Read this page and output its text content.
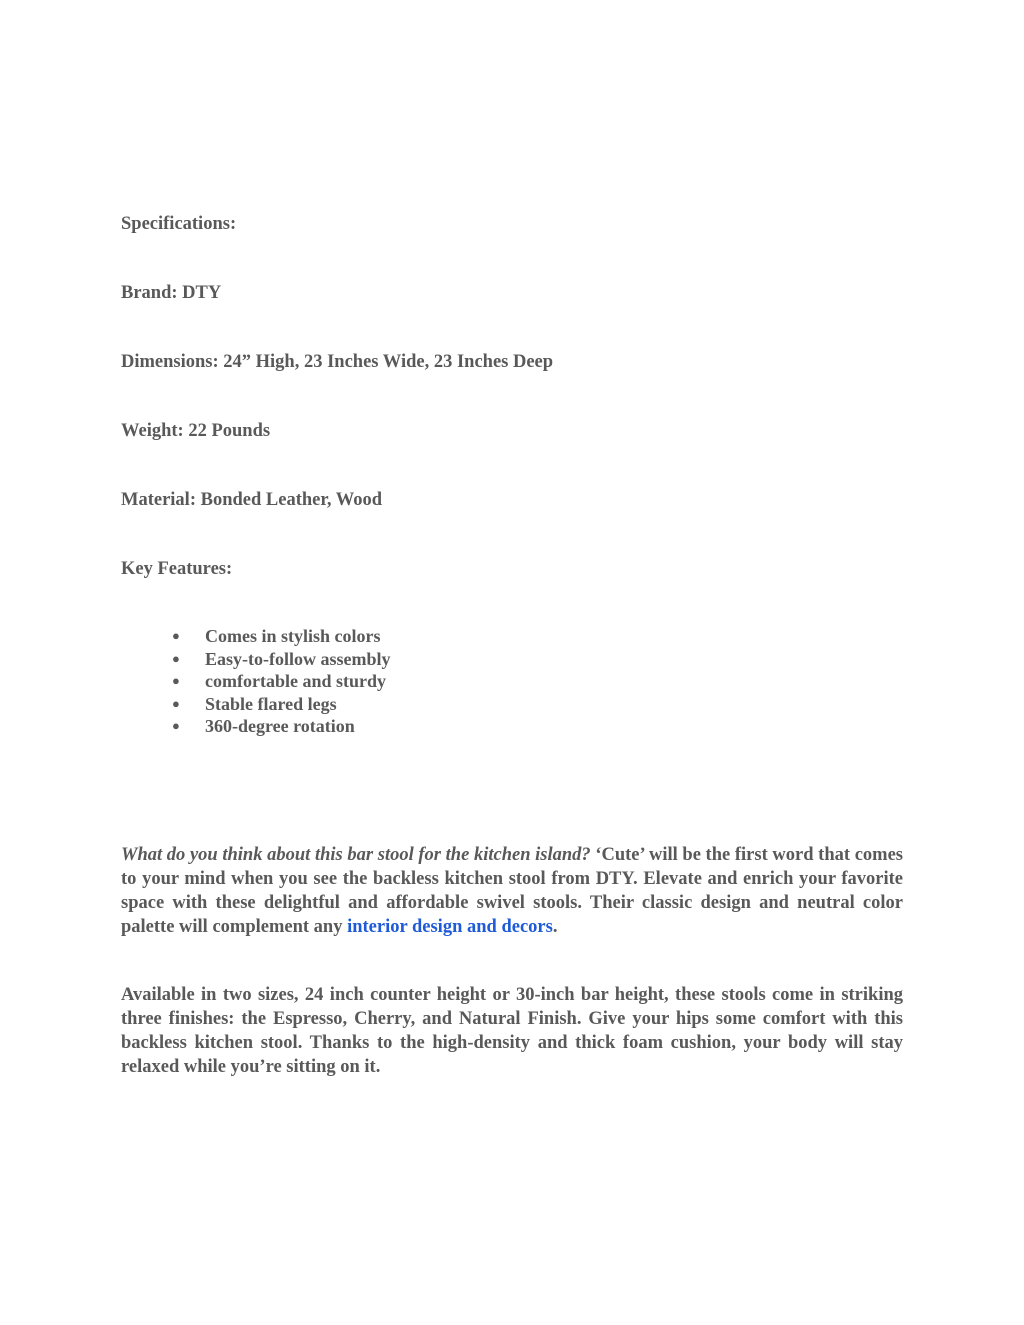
Specifications:

Brand: DTY

Dimensions: 24” High, 23 Inches Wide, 23 Inches Deep

Weight: 22 Pounds

Material: Bonded Leather, Wood

Key Features:

● Comes in stylish colors
● Easy-to-follow assembly
● comfortable and sturdy
● Stable flared legs
● 360-degree rotation

What do you think about this bar stool for the kitchen island? ‘Cute’ will be the first word that comes to your mind when you see the backless kitchen stool from DTY. Elevate and enrich your favorite space with these delightful and affordable swivel stools. Their classic design and neutral color palette will complement any interior design and decors.

Available in two sizes, 24 inch counter height or 30-inch bar height, these stools come in striking three finishes: the Espresso, Cherry, and Natural Finish. Give your hips some comfort with this backless kitchen stool. Thanks to the high-density and thick foam cushion, your body will stay relaxed while you’re sitting on it.
